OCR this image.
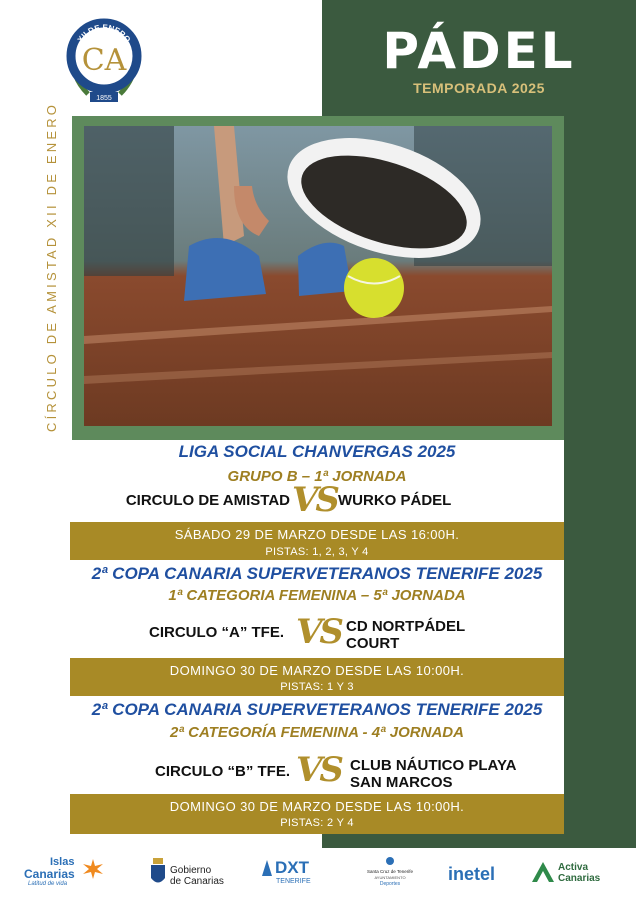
XII DE ENERO
CA
1855
PÁDEL
TEMPORADA 2025
CÍRCULO DE AMISTAD XII DE ENERO
LIGA SOCIAL CHANVERGAS 2025
GRUPO B – 1ª JORNADA
CIRCULO DE AMISTAD VS WURKO PÁDEL
SÁBADO 29 DE MARZO DESDE LAS 16:00H.
PISTAS: 1, 2, 3, Y 4
2ª COPA CANARIA SUPERVETERANOS TENERIFE 2025
1ª CATEGORIA FEMENINA – 5ª JORNADA
CIRCULO “A” TFE. VS CD NORTPÁDEL
COURT
DOMINGO 30 DE MARZO DESDE LAS 10:00H.
PISTAS: 1 Y 3
2ª COPA CANARIA SUPERVETERANOS TENERIFE 2025
2ª CATEGORÍA FEMENINA - 4ª JORNADA
CIRCULO “B” TFE. VS CLUB NÁUTICO PLAYA
SAN MARCOS
DOMINGO 30 DE MARZO DESDE LAS 10:00H.
PISTAS: 2 Y 4
Islas
Canarias
Latitud de vida
Gobierno
de Canarias
DXT
TENERIFE
Santa Cruz de Tenerife
AYUNTAMIENTO
Deportes	inetel	Activa
Canarias
